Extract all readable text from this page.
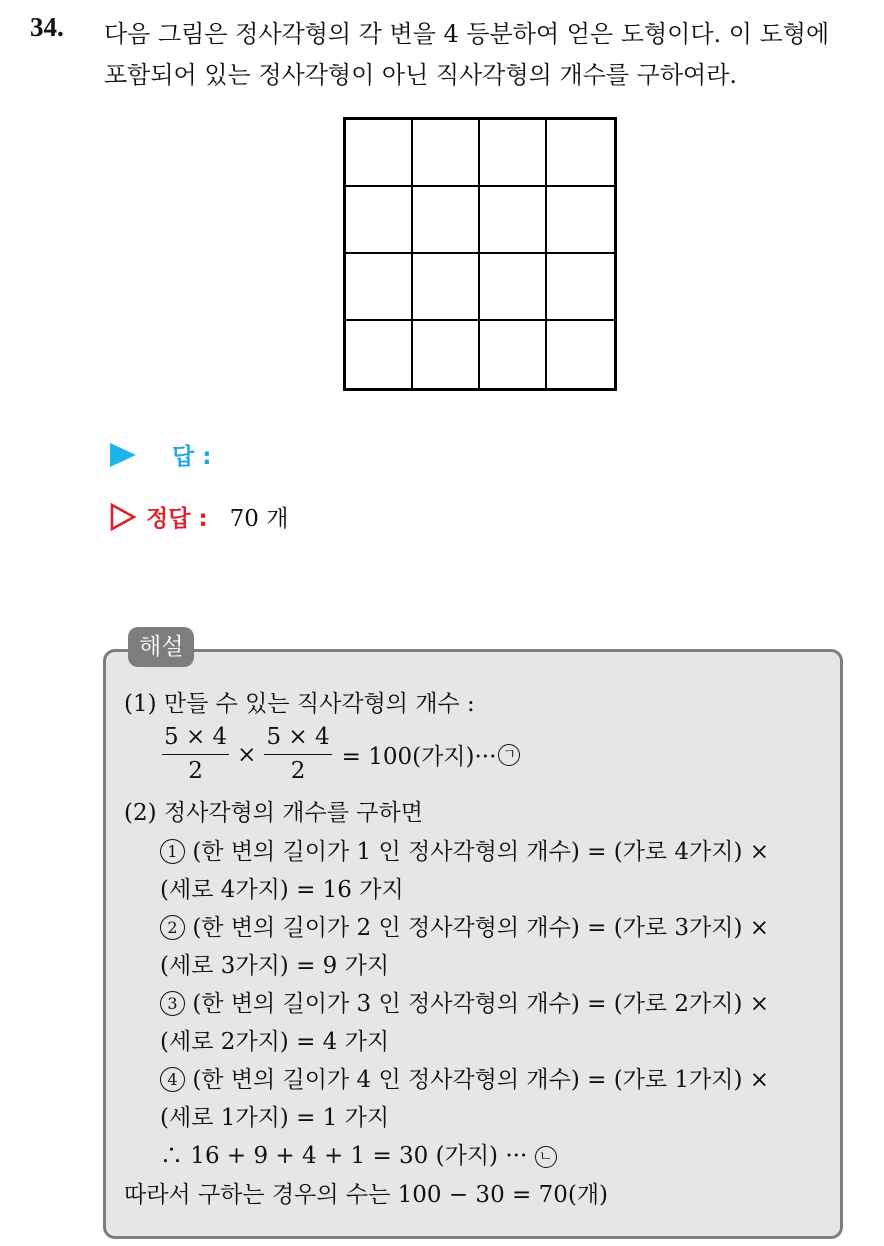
34. 다음 그림은 정사각형의 각 변을 4 등분하여 얻은 도형이다. 이 도형에
포함되어 있는 정사각형이 아닌 직사각형의 개수를 구하여라.
답 :
정답 : 70 개
해설
(1) 만들 수 있는 직사각형의 개수 :
$\frac{5 \times 4}{2} \times \frac{5 \times 4}{2} = 100$(가지)··· ㄱ
(2) 정사각형의 개수를 구하면
1 (한 변의 길이가 1 인 정사각형의 개수) = (가로 4가지) ×
(세로 4가지) = 16 가지
2 (한 변의 길이가 2 인 정사각형의 개수) = (가로 3가지) ×
(세로 3가지) = 9 가지
3 (한 변의 길이가 3 인 정사각형의 개수) = (가로 2가지) ×
(세로 2가지) = 4 가지
4 (한 변의 길이가 4 인 정사각형의 개수) = (가로 1가지) ×
(세로 1가지) = 1 가지
∴ 16 + 9 + 4 + 1 = 30 (가지) ··· ㄴ
따라서 구하는 경우의 수는 100 − 30 = 70(개)
